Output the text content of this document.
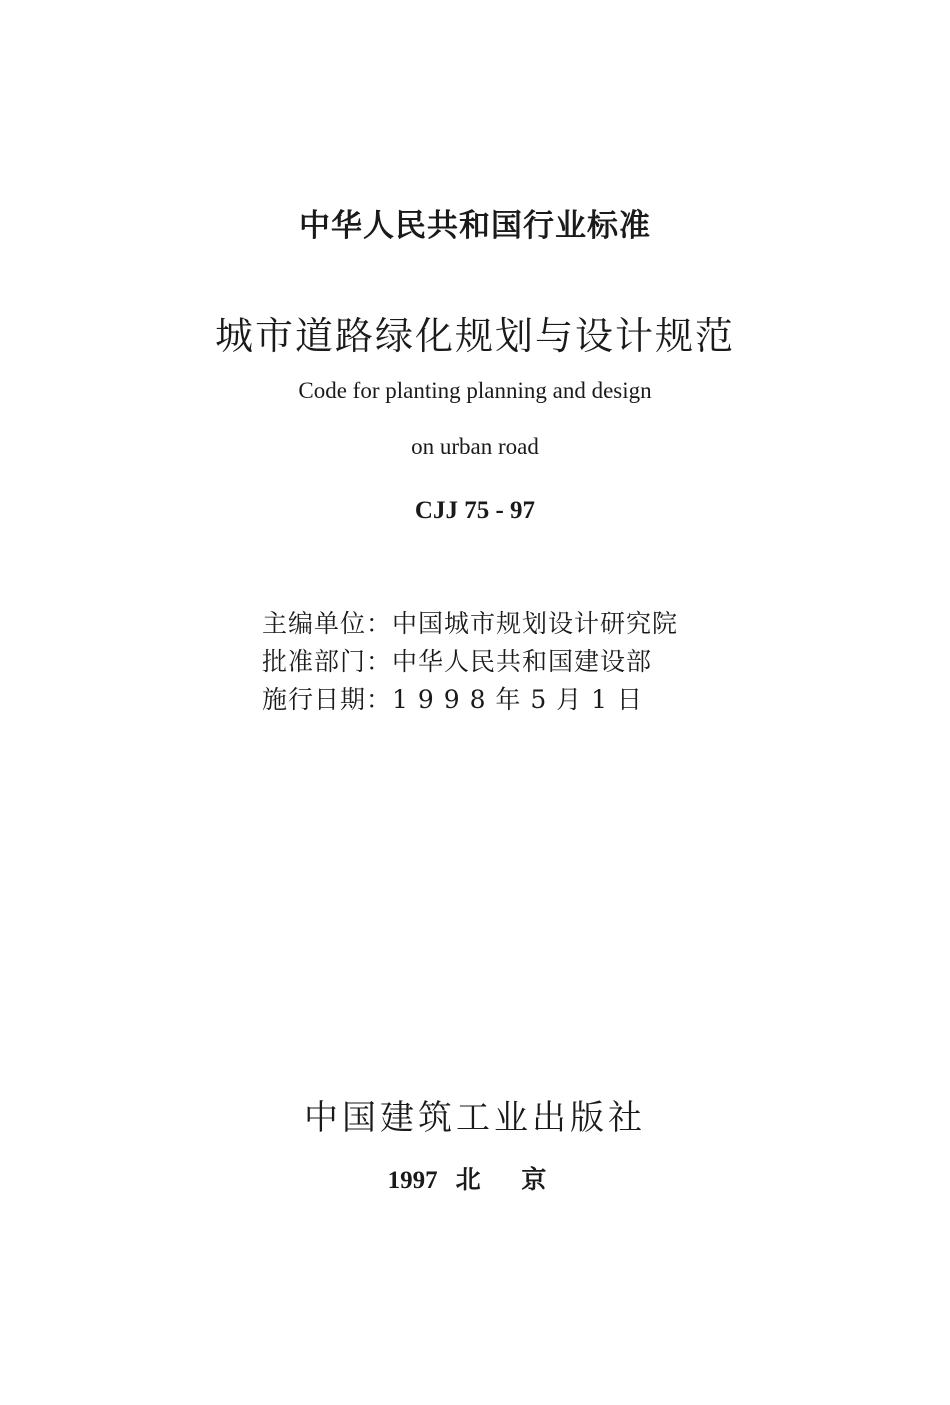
中华人民共和国行业标准
城市道路绿化规划与设计规范
Code for planting planning and design
on urban road
CJJ 75 - 97
主编单位：中国城市规划设计研究院
批准部门：中华人民共和国建设部
施行日期：1 9 9 8 年 5 月 1 日
中国建筑工业出版社
1997 北 京
